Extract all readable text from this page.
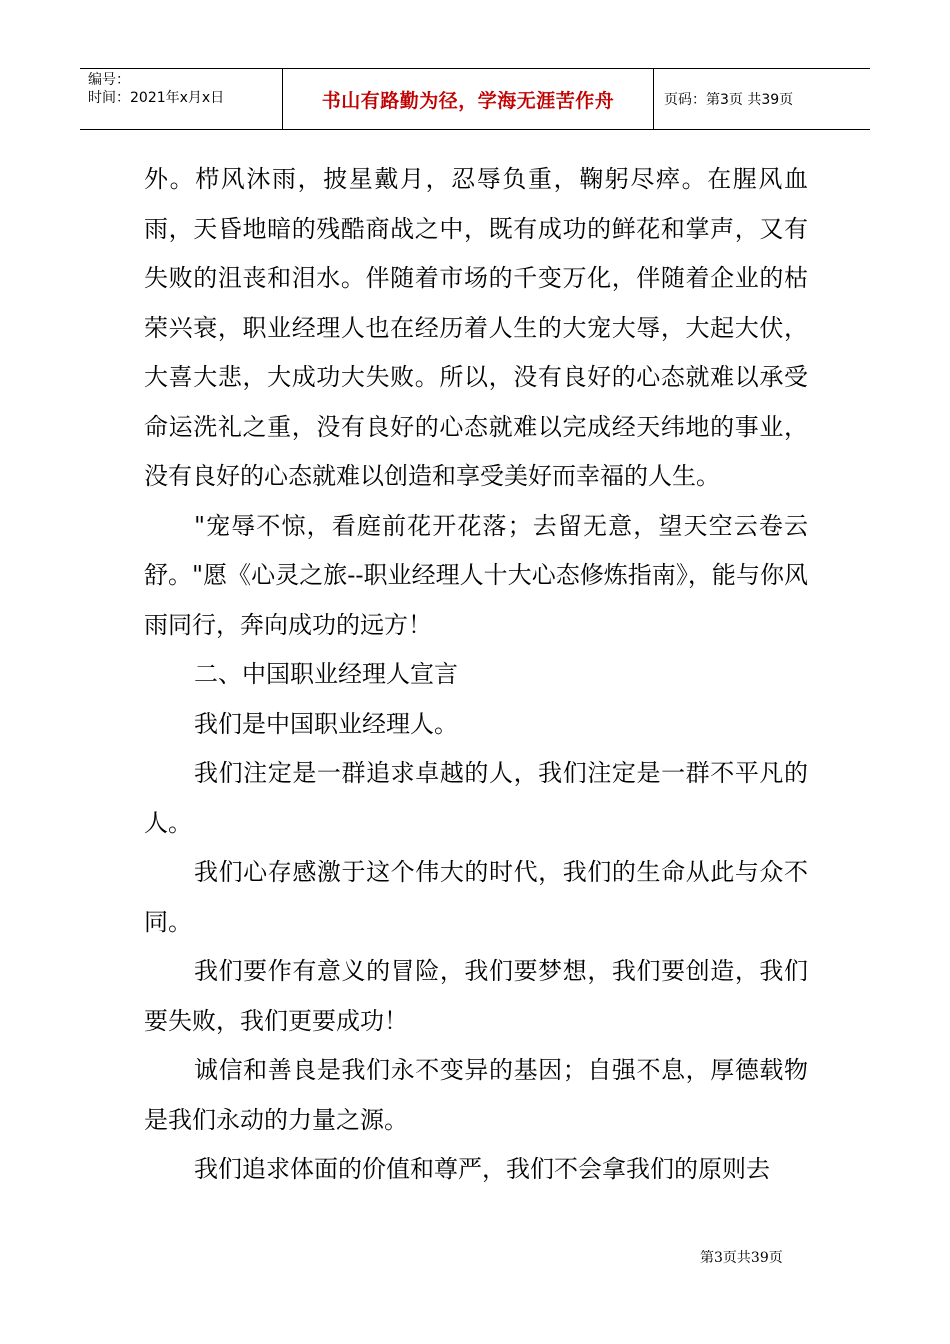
编号：
时间：2021年x月x日	书山有路勤为径，学海无涯苦作舟	页码：第3页 共39页

外。栉风沐雨，披星戴月，忍辱负重，鞠躬尽瘁。在腥风血雨，天昏地暗的残酷商战之中，既有成功的鲜花和掌声，又有失败的沮丧和泪水。伴随着市场的千变万化，伴随着企业的枯荣兴衰，职业经理人也在经历着人生的大宠大辱，大起大伏，大喜大悲，大成功大失败。所以，没有良好的心态就难以承受命运洗礼之重，没有良好的心态就难以完成经天纬地的事业，没有良好的心态就难以创造和享受美好而幸福的人生。

"宠辱不惊，看庭前花开花落；去留无意，望天空云卷云舒。"愿《心灵之旅--职业经理人十大心态修炼指南》，能与你风雨同行，奔向成功的远方！

二、中国职业经理人宣言

我们是中国职业经理人。

我们注定是一群追求卓越的人，我们注定是一群不平凡的人。

我们心存感激于这个伟大的时代，我们的生命从此与众不同。

我们要作有意义的冒险，我们要梦想，我们要创造，我们要失败，我们更要成功！

诚信和善良是我们永不变异的基因；自强不息，厚德载物是我们永动的力量之源。

我们追求体面的价值和尊严，我们不会拿我们的原则去

第3页共39页
